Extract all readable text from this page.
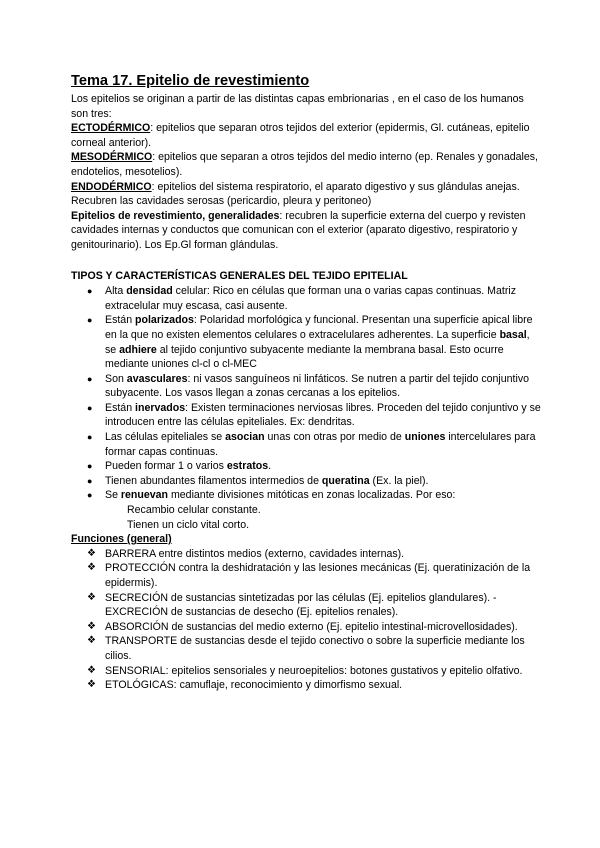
Tema 17. Epitelio de revestimiento

Los epitelios se originan a partir de las distintas capas embrionarias , en el caso de los humanos son tres:

ECTODÉRMICO: epitelios que separan otros tejidos del exterior (epidermis, Gl. cutáneas, epitelio corneal anterior).

MESODÉRMICO: epitelios que separan a otros tejidos del medio interno (ep. Renales y gonadales, endotelios, mesotelios).

ENDODÉRMICO: epitelios del sistema respiratorio, el aparato digestivo y sus glándulas anejas. Recubren las cavidades serosas (pericardio, pleura y peritoneo)

Epitelios de revestimiento, generalidades: recubren la superficie externa del cuerpo y revisten cavidades internas y conductos que comunican con el exterior (aparato digestivo, respiratorio y genitourinario). Los Ep.Gl forman glándulas.

TIPOS Y CARACTERÍSTICAS GENERALES DEL TEJIDO EPITELIAL

● Alta densidad celular: Rico en células que forman una o varias capas continuas. Matriz extracelular muy escasa, casi ausente.
● Están polarizados: Polaridad morfológica y funcional. Presentan una superficie apical libre en la que no existen elementos celulares o extracelulares adherentes. La superficie basal, se adhiere al tejido conjuntivo subyacente mediante la membrana basal. Esto ocurre mediante uniones cl-cl o cl-MEC
● Son avasculares: ni vasos sanguíneos ni linfáticos. Se nutren a partir del tejido conjuntivo subyacente. Los vasos llegan a zonas cercanas a los epitelios.
● Están inervados: Existen terminaciones nerviosas libres. Proceden del tejido conjuntivo y se introducen entre las células epiteliales. Ex: dendritas.
● Las células epiteliales se asocian unas con otras por medio de uniones intercelulares para formar capas continuas.
● Pueden formar 1 o varios estratos.
● Tienen abundantes filamentos intermedios de queratina (Ex. la piel).
● Se renuevan mediante divisiones mitóticas en zonas localizadas. Por eso:
Recambio celular constante.
Tienen un ciclo vital corto.

Funciones (general)

❖ BARRERA entre distintos medios (externo, cavidades internas).
❖ PROTECCIÓN contra la deshidratación y las lesiones mecánicas (Ej. queratinización de la epidermis).
❖ SECRECIÓN de sustancias sintetizadas por las células (Ej. epitelios glandulares). - EXCRECIÓN de sustancias de desecho (Ej. epitelios renales).
❖ ABSORCIÓN de sustancias del medio externo (Ej. epitelio intestinal-microvellosidades).
❖ TRANSPORTE de sustancias desde el tejido conectivo o sobre la superficie mediante los cilios.
❖ SENSORIAL: epitelios sensoriales y neuroepitelios: botones gustativos y epitelio olfativo.
❖ ETOLÓGICAS: camuflaje, reconocimiento y dimorfismo sexual.
